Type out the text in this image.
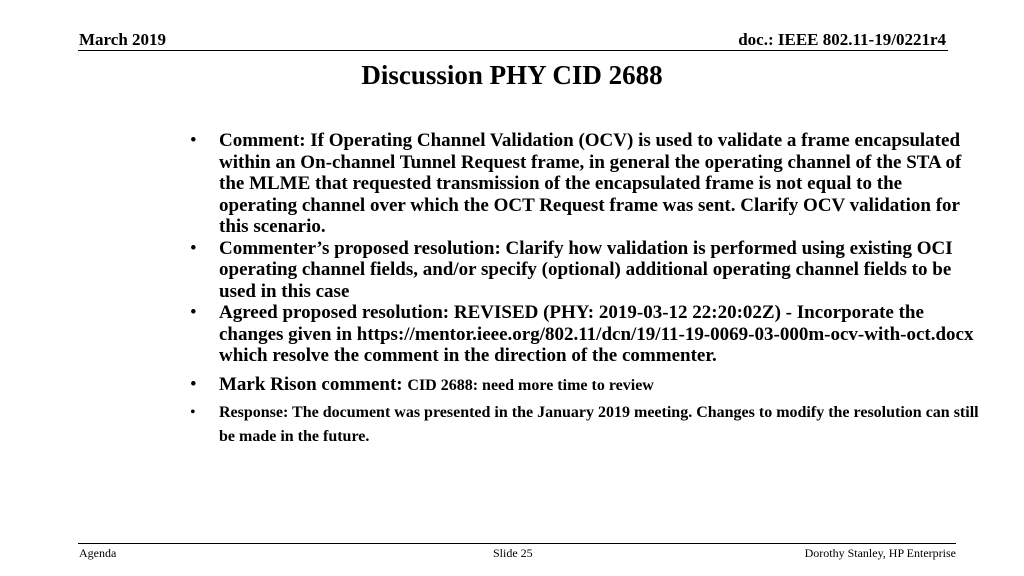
March 2019	doc.: IEEE 802.11-19/0221r4
Discussion PHY CID 2688
• Comment: If Operating Channel Validation (OCV) is used to validate a frame encapsulated within an On-channel Tunnel Request frame, in general the operating channel of the STA of the MLME that requested transmission of the encapsulated frame is not equal to the operating channel over which the OCT Request frame was sent. Clarify OCV validation for this scenario.
• Commenter’s proposed resolution: Clarify how validation is performed using existing OCI operating channel fields, and/or specify (optional) additional operating channel fields to be used in this case
• Agreed proposed resolution: REVISED (PHY: 2019-03-12 22:20:02Z) - Incorporate the changes given in https://mentor.ieee.org/802.11/dcn/19/11-19-0069-03-000m-ocv-with-oct.docx which resolve the comment in the direction of the commenter.
• Mark Rison comment: CID 2688: need more time to review
• Response: The document was presented in the January 2019 meeting. Changes to modify the resolution can still be made in the future.
Agenda	Slide 25	Dorothy Stanley, HP Enterprise
